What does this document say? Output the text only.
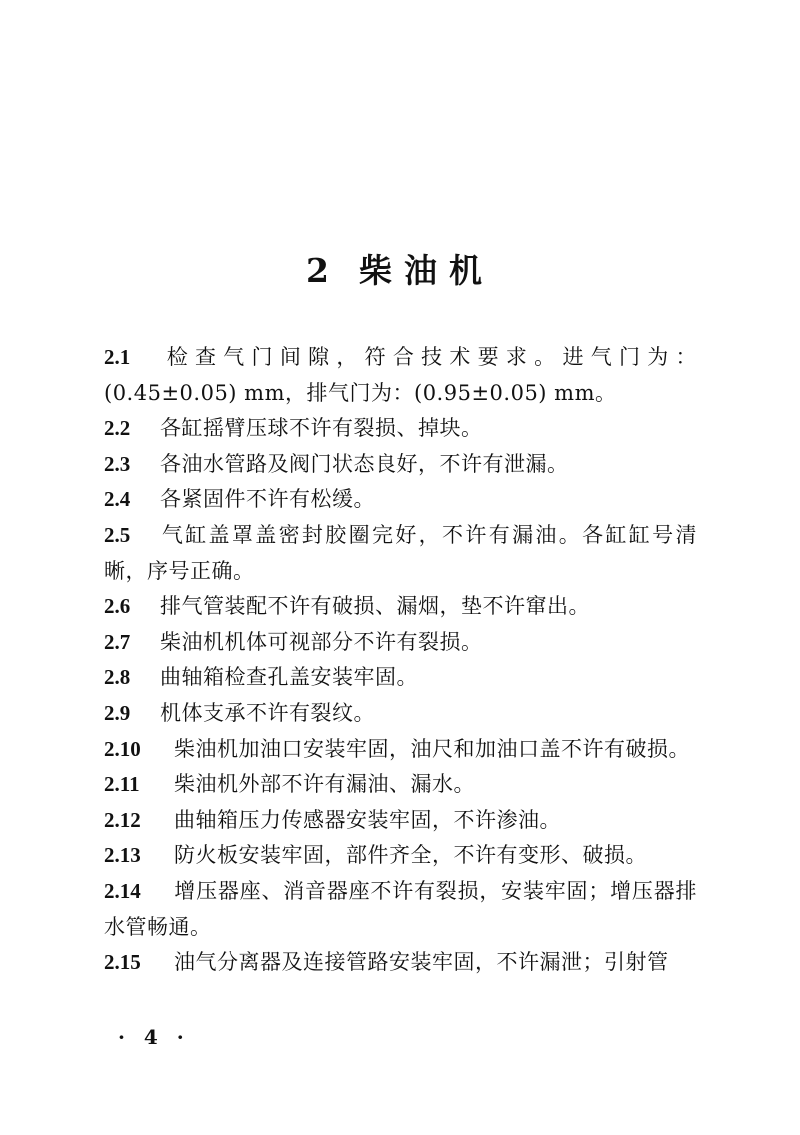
2 柴油机

2.1 检查气门间隙，符合技术要求。进气门为：(0.45±0.05) mm，排气门为：(0.95±0.05) mm。

2.2 各缸摇臂压球不许有裂损、掉块。

2.3 各油水管路及阀门状态良好，不许有泄漏。

2.4 各紧固件不许有松缓。

2.5 气缸盖罩盖密封胶圈完好，不许有漏油。各缸缸号清晰，序号正确。

2.6 排气管装配不许有破损、漏烟，垫不许窜出。

2.7 柴油机机体可视部分不许有裂损。

2.8 曲轴箱检查孔盖安装牢固。

2.9 机体支承不许有裂纹。

2.10 柴油机加油口安装牢固，油尺和加油口盖不许有破损。

2.11 柴油机外部不许有漏油、漏水。

2.12 曲轴箱压力传感器安装牢固，不许渗油。

2.13 防火板安装牢固，部件齐全，不许有变形、破损。

2.14 增压器座、消音器座不许有裂损，安装牢固；增压器排水管畅通。

2.15 油气分离器及连接管路安装牢固，不许漏泄；引射管

· 4 ·
